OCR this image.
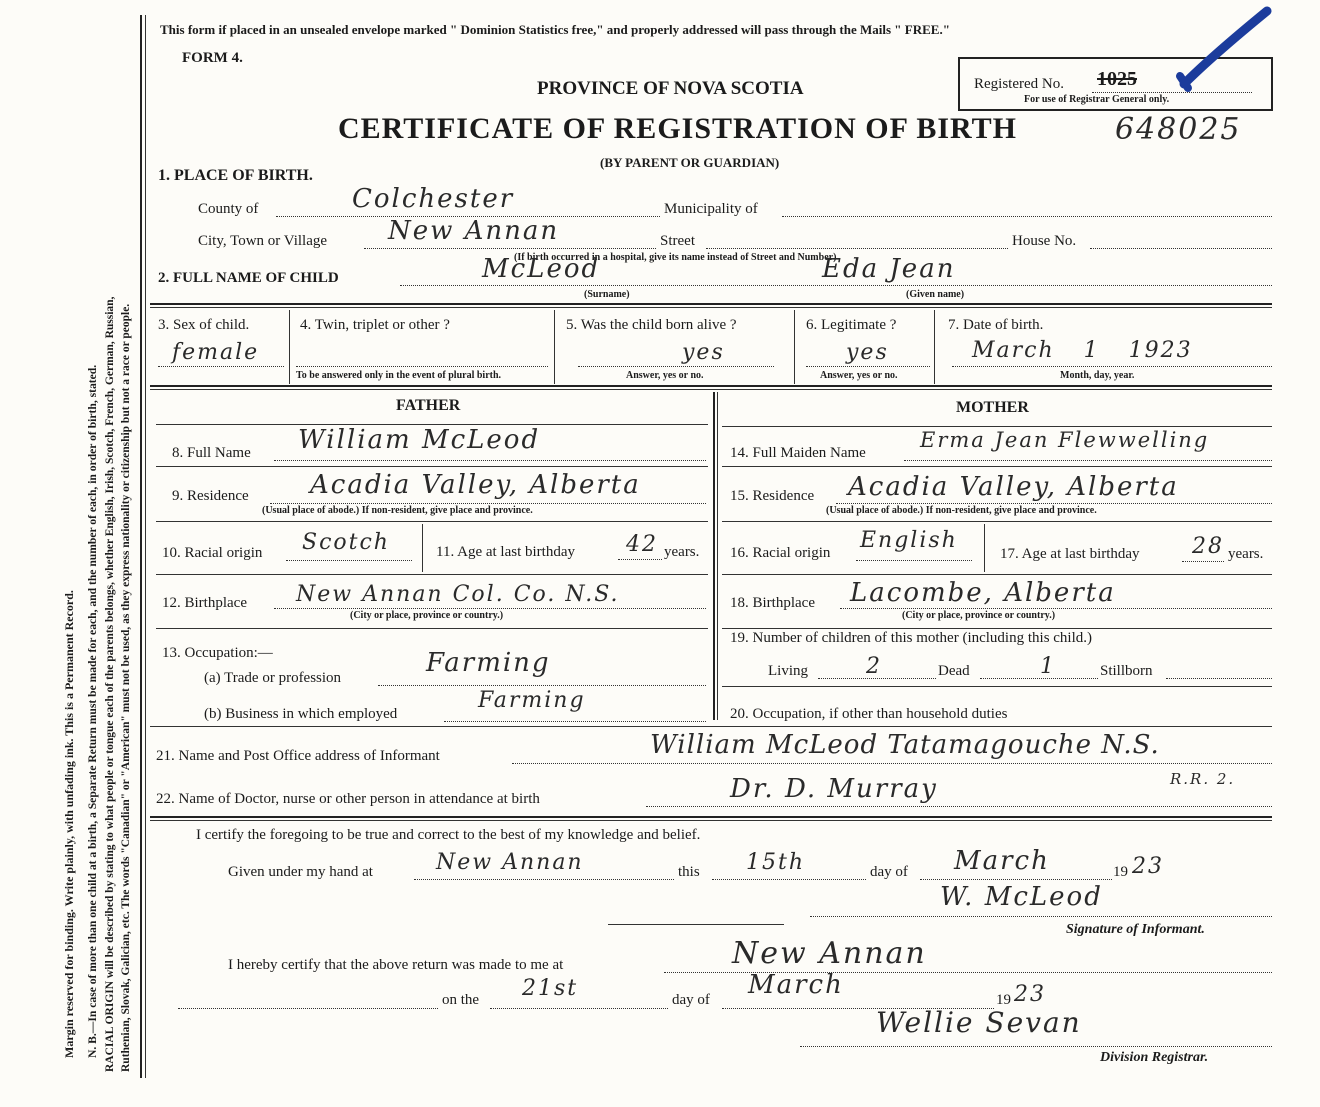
Margin reserved for binding. Write plainly, with unfading ink. This is a Permanent Record. N. B.—In case of more than one child at a birth, a Separate Return must be made for each, and the number of each, in order of birth, stated. RACIAL ORIGIN will be described by stating to what people or tongue each of the parents belongs, whether English, Irish, Scotch, French, German, Russian, Ruthenian, Slovak, Galician, etc. The words "Canadian" or "American" must not be used, as they express nationality or citizenship but not a race or people.
This form if placed in an unsealed envelope marked " Dominion Statistics free," and properly addressed will pass through the Mails " FREE."
FORM 4.
PROVINCE OF NOVA SCOTIA
CERTIFICATE OF REGISTRATION OF BIRTH	648025
(BY PARENT OR GUARDIAN)
Registered No. 1025
For use of Registrar General only.
1. PLACE OF BIRTH.
County of	Colchester	Municipality of
City, Town or Village New Annan	Street	House No.
(If birth occurred in a hospital, give its name instead of Street and Number)
2. FULL NAME OF CHILD	McLeod	Eda Jean
(Surname)	(Given name)
3. Sex of child.
female
4. Twin, triplet or other ?
To be answered only in the event of plural birth.
5. Was the child born alive ?
yes
Answer, yes or no.
6. Legitimate ?
yes
Answer, yes or no.
7. Date of birth.
March 1 1923
Month, day, year.
FATHER	MOTHER
8. Full Name William McLeod
9. Residence Acadia Valley, Alberta
(Usual place of abode.) If non-resident, give place and province.
10. Racial origin Scotch	11. Age at last birthday 42 years.
12. Birthplace New Annan Col. Co. N.S.
(City or place, province or country.)
13. Occupation:—
(a) Trade or profession	Farming
(b) Business in which employed
Farming
14. Full Maiden Name
Erma Jean Flewwelling
15. Residence Acadia Valley, Alberta
(Usual place of abode.) If non-resident, give place and province.
16. Racial origin English
17. Age at last birthday 28 years.
18. Birthplace Lacombe, Alberta
(City or place, province or country.)
19. Number of children of this mother (including this child.)
Living	2	Dead	1	Stillborn
20. Occupation, if other than household duties
21. Name and Post Office address of Informant	William McLeod Tatamagouche N.S.
R.R. 2.
22. Name of Doctor, nurse or other person in attendance at birth	Dr. D. Murray
I certify the foregoing to be true and correct to the best of my knowledge and belief.
Given under my hand at	New Annan	this 15th	day of March	19 23
W. McLeod
Signature of Informant.
I hereby certify that the above return was made to me at	New Annan
on the 21st	day of March	19 23
Wellie Sevan
Division Registrar.
